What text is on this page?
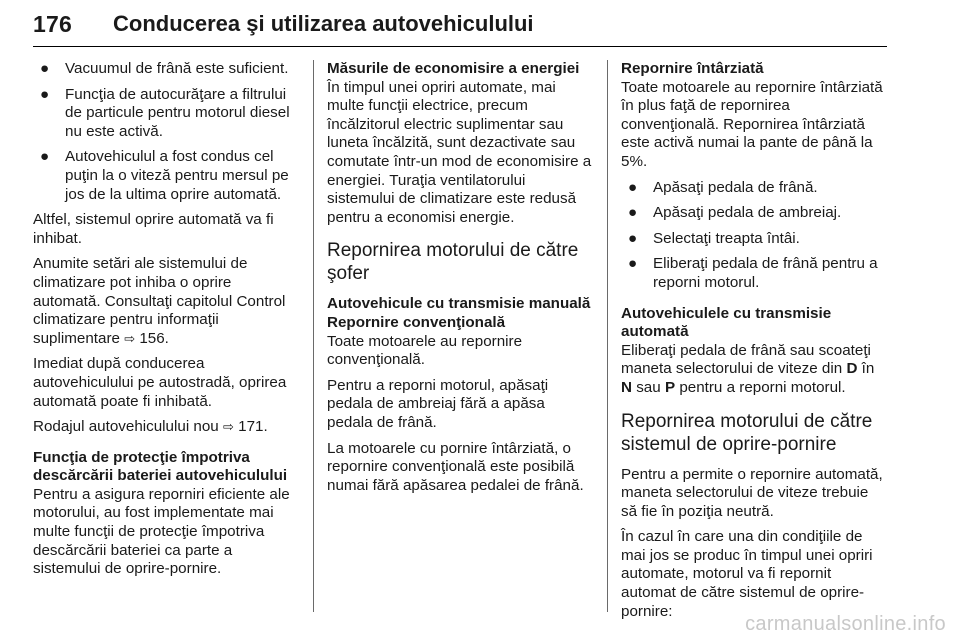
176	Conducerea şi utilizarea autovehiculului
● Vacuumul de frână este suficient.
● Funcţia de autocurăţare a filtrului de particule pentru motorul diesel nu este activă.
● Autovehiculul a fost condus cel puţin la o viteză pentru mersul pe jos de la ultima oprire automată.

Altfel, sistemul oprire automată va fi inhibat.

Anumite setări ale sistemului de climatizare pot inhiba o oprire automată. Consultaţi capitolul Control climatizare pentru informaţii suplimentare ⇨ 156.

Imediat după conducerea autovehiculului pe autostradă, oprirea automată poate fi inhibată.

Rodajul autovehiculului nou ⇨ 171.

Funcţia de protecţie împotriva descărcării bateriei autovehiculului

Pentru a asigura reporniri eficiente ale motorului, au fost implementate mai multe funcţii de protecţie împotriva descărcării bateriei ca parte a sistemului de oprire-pornire.

Măsurile de economisire a energiei

În timpul unei opriri automate, mai multe funcţii electrice, precum încălzitorul electric suplimentar sau luneta încălzită, sunt dezactivate sau comutate într-un mod de economisire a energiei. Turaţia ventilatorului sistemului de climatizare este redusă pentru a economisi energie.

Repornirea motorului de către şofer

Autovehicule cu transmisie manuală

Repornire convenţională

Toate motoarele au repornire convenţională.

Pentru a reporni motorul, apăsaţi pedala de ambreiaj fără a apăsa pedala de frână.

La motoarele cu pornire întârziată, o repornire convenţională este posibilă numai fără apăsarea pedalei de frână.

Repornire întârziată

Toate motoarele au repornire întârziată în plus faţă de repornirea convenţională. Repornirea întârziată este activă numai la pante de până la 5%.

● Apăsaţi pedala de frână.
● Apăsaţi pedala de ambreiaj.
● Selectaţi treapta întâi.
● Eliberaţi pedala de frână pentru a reporni motorul.

Autovehiculele cu transmisie automată

Eliberaţi pedala de frână sau scoateţi maneta selectorului de viteze din D în N sau P pentru a reporni motorul.

Repornirea motorului de către sistemul de oprire-pornire

Pentru a permite o repornire automată, maneta selectorului de viteze trebuie să fie în poziţia neutră.

În cazul în care una din condiţiile de mai jos se produc în timpul unei opriri automate, motorul va fi repornit automat de către sistemul de oprire-pornire:

carmanualsonline.info
